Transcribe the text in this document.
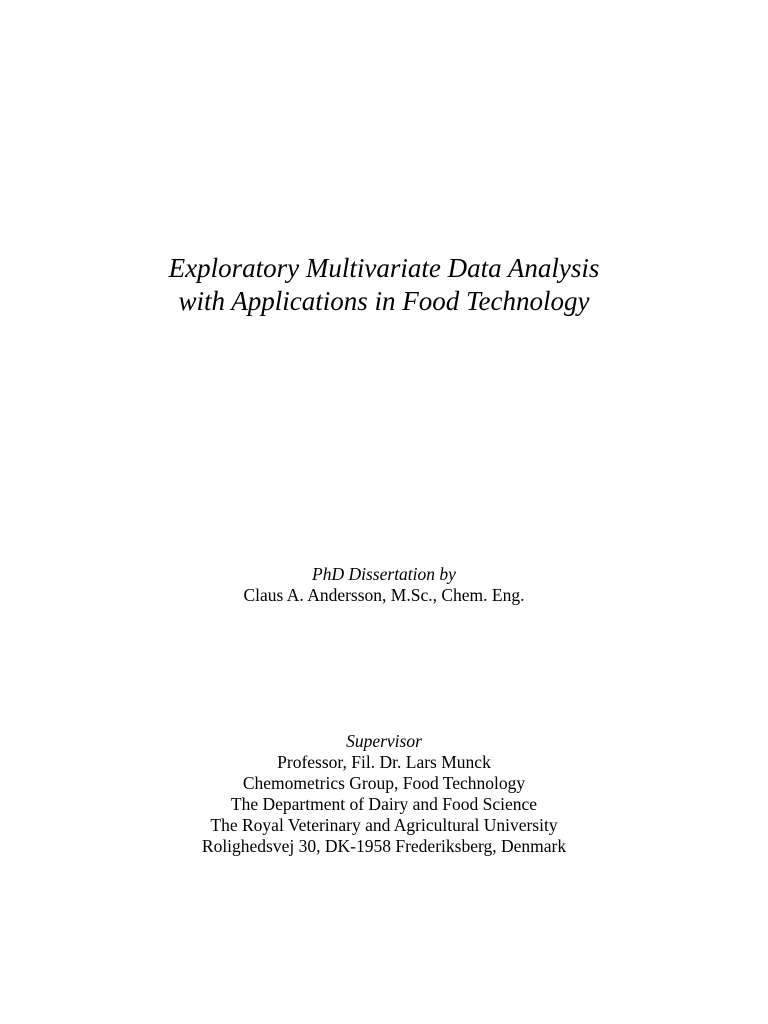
Exploratory Multivariate Data Analysis
with Applications in Food Technology
PhD Dissertation by
Claus A. Andersson, M.Sc., Chem. Eng.
Supervisor
Professor, Fil. Dr. Lars Munck
Chemometrics Group, Food Technology
The Department of Dairy and Food Science
The Royal Veterinary and Agricultural University
Rolighedsvej 30, DK-1958 Frederiksberg, Denmark
